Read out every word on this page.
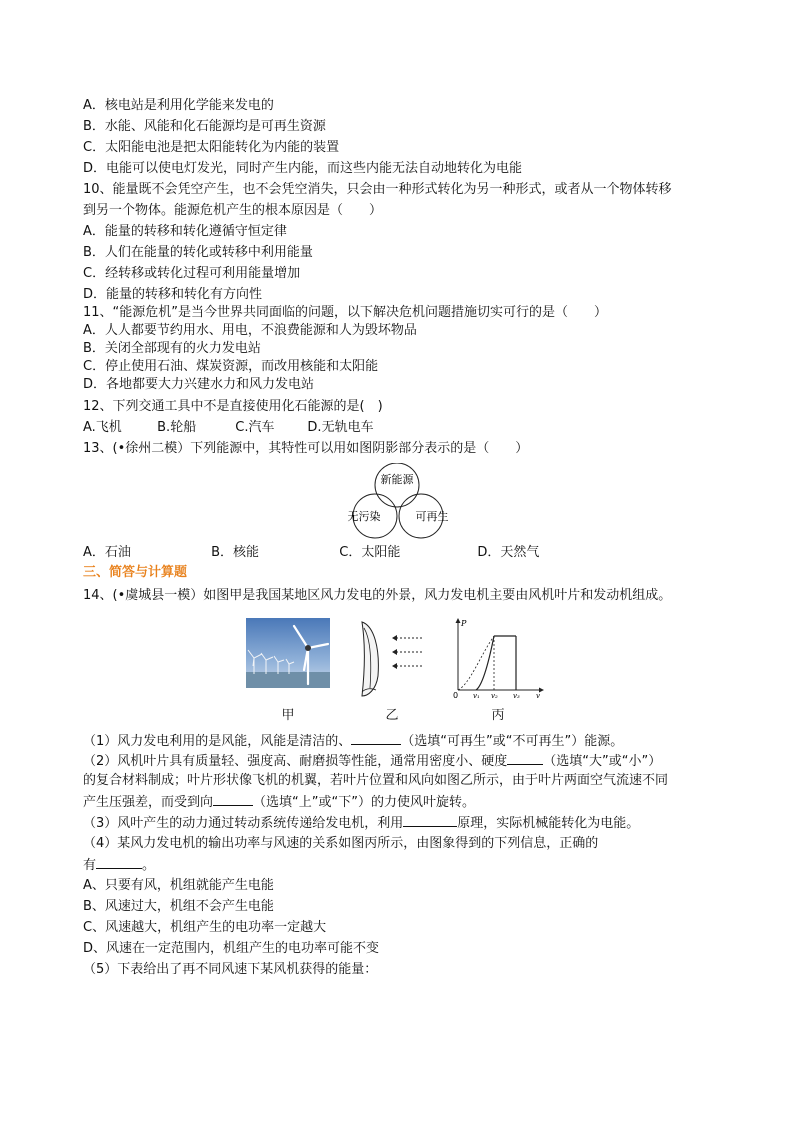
A．核电站是利用化学能来发电的
B．水能、风能和化石能源均是可再生资源
C．太阳能电池是把太阳能转化为内能的装置
D．电能可以使电灯发光，同时产生内能，而这些内能无法自动地转化为电能
10、能量既不会凭空产生，也不会凭空消失，只会由一种形式转化为另一种形式，或者从一个物体转移
到另一个物体。能源危机产生的根本原因是（　　）
A．能量的转移和转化遵循守恒定律
B．人们在能量的转化或转移中利用能量
C．经转移或转化过程可利用能量增加
D．能量的转移和转化有方向性
11、“能源危机”是当今世界共同面临的问题，以下解决危机问题措施切实可行的是（　　）
A．人人都要节约用水、用电，不浪费能源和人为毁坏物品
B．关闭全部现有的火力发电站
C．停止使用石油、煤炭资源，而改用核能和太阳能
D．各地都要大力兴建水力和风力发电站
12、下列交通工具中不是直接使用化石能源的是(　)
A.飞机	B.轮船	C.汽车	D.无轨电车
13、(•徐州二模）下列能源中，其特性可以用如图阴影部分表示的是（　　）
新能源
无污染	可再生
A．石油	B．核能	C．太阳能	D．天然气
三、简答与计算题
14、(•虞城县一模）如图甲是我国某地区风力发电的外景，风力发电机主要由风机叶片和发动机组成。
P
0 v₁ v₂ v₃ v
甲	乙	丙
（1）风力发电利用的是风能，风能是清洁的、	（选填“可再生”或“不可再生”）能源。
（2）风机叶片具有质量轻、强度高、耐磨损等性能，通常用密度小、硬度	（选填“大”或“小”）
的复合材料制成；叶片形状像飞机的机翼，若叶片位置和风向如图乙所示，由于叶片两面空气流速不同
产生压强差，而受到向	（选填“上”或“下”）的力使风叶旋转。
（3）风叶产生的动力通过转动系统传递给发电机，利用	原理，实际机械能转化为电能。
（4）某风力发电机的输出功率与风速的关系如图丙所示，由图象得到的下列信息，正确的
有	。
A、只要有风，机组就能产生电能
B、风速过大，机组不会产生电能
C、风速越大，机组产生的电功率一定越大
D、风速在一定范围内，机组产生的电功率可能不变
（5）下表给出了再不同风速下某风机获得的能量：
